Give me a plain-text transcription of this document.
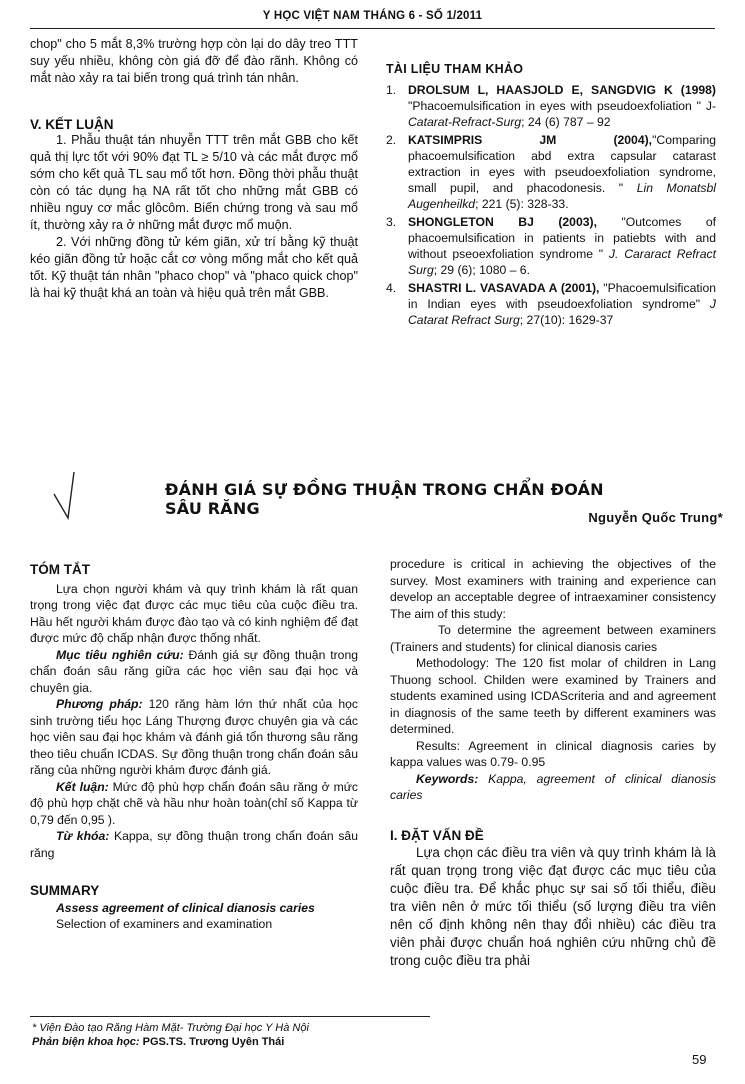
Y HỌC VIỆT NAM THÁNG 6 - SỐ 1/2011

chop" cho 5 mắt 8,3% trường hợp còn lại do dây treo TTT suy yếu nhiều, không còn giá đỡ để đào rãnh. Không có mắt nào xảy ra tai biến trong quá trình tán nhân.

V. KẾT LUẬN

1. Phẫu thuật tán nhuyễn TTT trên mắt GBB cho kết quả thị lực tốt với 90% đạt TL ≥ 5/10 và các mắt được mổ sớm cho kết quả TL sau mổ tốt hơn. Đồng thời phẫu thuật còn có tác dụng hạ NA rất tốt cho những mắt GBB có nhiều nguy cơ mắc glôcôm. Biến chứng trong và sau mổ ít, thường xảy ra ở những mắt được mổ muộn.

2. Với những đồng tử kém giãn, xử trí bằng kỹ thuật kéo giãn đồng tử hoặc cắt cơ vòng mống mắt cho kết quả tốt. Kỹ thuật tán nhân "phaco chop" và "phaco quick chop" là hai kỹ thuật khá an toàn và hiệu quả trên mắt GBB.

TÀI LIỆU THAM KHẢO
1. DROLSUM L, HAASJOLD E, SANGDVIG K (1998) "Phacoemulsification in eyes with pseudoexfoliation " J- Catarat-Refract-Surg; 24 (6) 787 – 92
2. KATSIMPRIS JM (2004),"Comparing phacoemulsification abd extra capsular catarast extraction in eyes with pseudoexfoliation syndrome, small pupil, and phacodonesis. " Lin Monatsbl Augenheilkd; 221 (5): 328-33.
3. SHONGLETON BJ (2003), "Outcomes of phacoemulsification in patients in patiebts with and without pseoexfoliation syndrome " J. Cararact Refract Surg; 29 (6); 1080 – 6.
4. SHASTRI L. VASAVADA A (2001), "Phacoemulsification in Indian eyes with pseudoexfoliation syndrome" J Catarat Refract Surg; 27(10): 1629-37
ĐÁNH GIÁ SỰ ĐỒNG THUẬN TRONG CHẨN ĐOÁN SÂU RĂNG	Nguyễn Quốc Trung*

TÓM TẮT

Lựa chọn người khám và quy trình khám là rất quan trọng trong việc đạt được các mục tiêu của cuộc điều tra. Hầu hết người khám được đào tạo và có kinh nghiệm để đạt được mức độ chấp nhận được thống nhất.

Mục tiêu nghiên cứu: Đánh giá sự đồng thuận trong chẩn đoán sâu răng giữa các học viên sau đại học và chuyên gia.

Phương pháp: 120 răng hàm lớn thứ nhất của học sinh trường tiểu học Láng Thượng được chuyên gia và các học viên sau đại học khám và đánh giá tổn thương sâu răng theo tiêu chuẩn ICDAS. Sự đồng thuận trong chẩn đoán sâu răng của những người khám được đánh giá.

Kết luận: Mức độ phù hợp chẩn đoán sâu răng ở mức độ phù hợp chặt chẽ và hầu như hoàn toàn(chỉ số Kappa từ 0,79 đến 0,95 ).

Từ khóa: Kappa, sự đồng thuận trong chẩn đoán sâu răng

SUMMARY

Assess agreement of clinical dianosis caries

Selection of examiners and examination

procedure is critical in achieving the objectives of the survey. Most examiners with training and experience can develop an acceptable degree of intraexaminer consistency The aim of this study:

To determine the agreement between examiners (Trainers and students) for clinical dianosis caries

Methodology: The 120 fist molar of children in Lang Thuong school. Childen were examined by Trainers and students examined using ICDAScriteria and and agreement in diagnosis of the same teeth by different examiners was determined.

Results: Agreement in clinical diagnosis caries by kappa values was 0.79- 0.95

Keywords: Kappa, agreement of clinical dianosis caries

I. ĐẶT VẤN ĐỀ

Lựa chọn các điều tra viên và quy trình khám là là rất quan trọng trong việc đạt được các mục tiêu của cuộc điều tra. Để khắc phục sự sai số tối thiểu, điều tra viên nên ở mức tối thiểu (số lượng điều tra viên nên cố định không nên thay đổi nhiều) các điều tra viên phải được chuẩn hoá nghiên cứu những chủ đề trong cuộc điều tra phải

* Viện Đào tạo Răng Hàm Mặt- Trường Đại học Y Hà Nội
Phản biện khoa học: PGS.TS. Trương Uyên Thái
59
